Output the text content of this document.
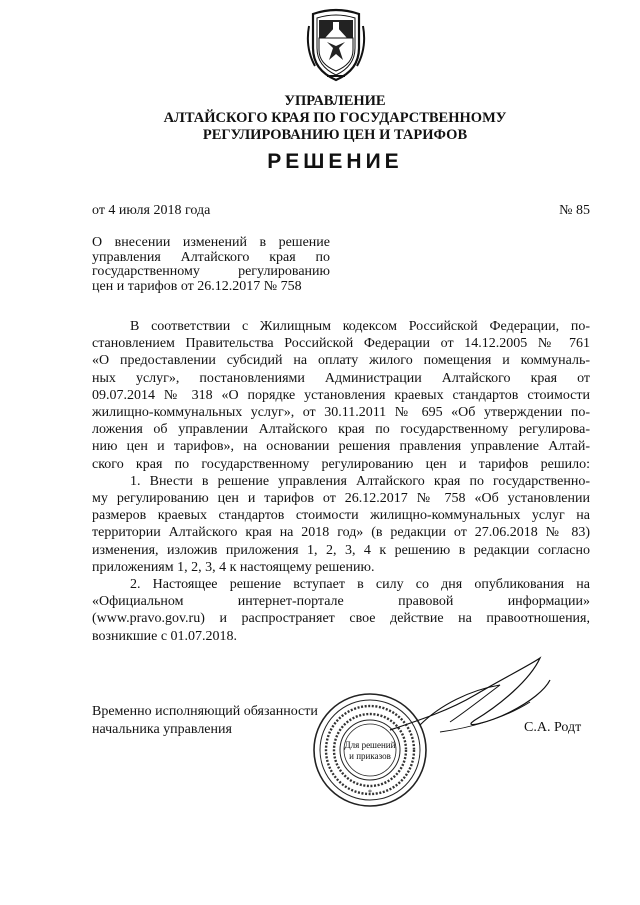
УПРАВЛЕНИЕ
АЛТАЙСКОГО КРАЯ ПО ГОСУДАРСТВЕННОМУ
РЕГУЛИРОВАНИЮ ЦЕН И ТАРИФОВ
РЕШЕНИЕ
от 4 июля 2018 года	№ 85
О внесении изменений в решение
управления Алтайского края по
государственному регулированию
цен и тарифов от 26.12.2017 № 758
В соответствии с Жилищным кодексом Российской Федерации, по-
становлением Правительства Российской Федерации от 14.12.2005 № 761
«О предоставлении субсидий на оплату жилого помещения и коммуналь-
ных услуг», постановлениями Администрации Алтайского края от
09.07.2014 № 318 «О порядке установления краевых стандартов стоимости
жилищно-коммунальных услуг», от 30.11.2011 № 695 «Об утверждении по-
ложения об управлении Алтайского края по государственному регулирова-
нию цен и тарифов», на основании решения правления управление Алтай-
ского края по государственному регулированию цен и тарифов решило:
1. Внести в решение управления Алтайского края по государственно-
му регулированию цен и тарифов от 26.12.2017 № 758 «Об установлении
размеров краевых стандартов стоимости жилищно-коммунальных услуг на
территории Алтайского края на 2018 год» (в редакции от 27.06.2018 № 83)
изменения, изложив приложения 1, 2, 3, 4 к решению в редакции согласно
приложениям 1, 2, 3, 4 к настоящему решению.
2. Настоящее решение вступает в силу со дня опубликования на
«Официальном интернет-портале правовой информации»
(www.pravo.gov.ru) и распространяет свое действие на правоотношения,
возникшие с 01.07.2018.
Для решений
и приказов
*
Временно исполняющий обязанности
начальника управления	С.А. Родт
